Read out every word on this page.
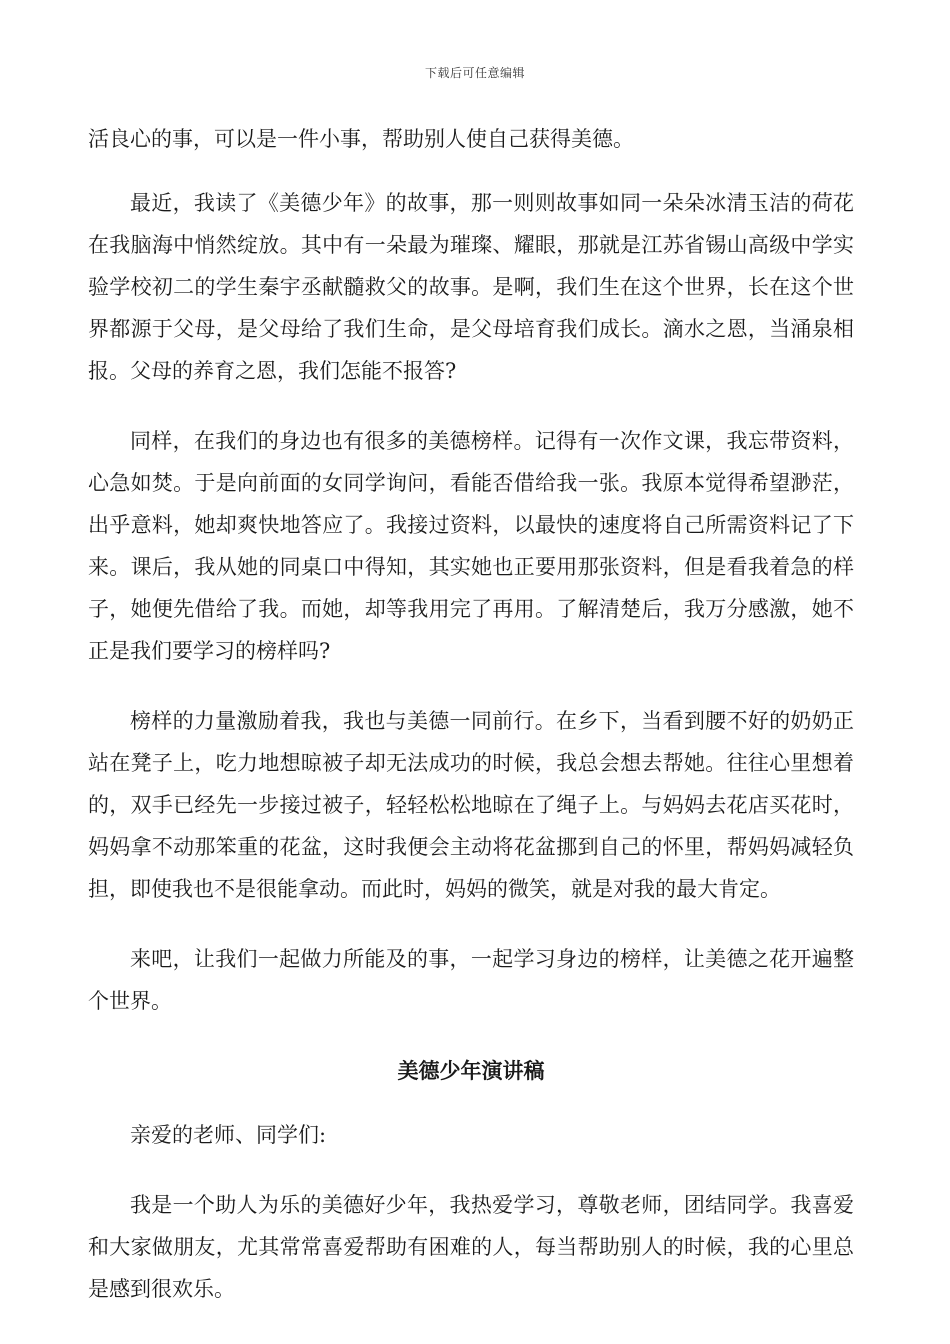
下载后可任意编辑

活良心的事，可以是一件小事，帮助别人使自己获得美德。

最近，我读了《美德少年》的故事，那一则则故事如同一朵朵冰清玉洁的荷花在我脑海中悄然绽放。其中有一朵最为璀璨、耀眼，那就是江苏省锡山高级中学实验学校初二的学生秦宇丞献髓救父的故事。是啊，我们生在这个世界，长在这个世界都源于父母，是父母给了我们生命，是父母培育我们成长。滴水之恩，当涌泉相报。父母的养育之恩，我们怎能不报答?

同样，在我们的身边也有很多的美德榜样。记得有一次作文课，我忘带资料，心急如焚。于是向前面的女同学询问，看能否借给我一张。我原本觉得希望渺茫，出乎意料，她却爽快地答应了。我接过资料，以最快的速度将自己所需资料记了下来。课后，我从她的同桌口中得知，其实她也正要用那张资料，但是看我着急的样子，她便先借给了我。而她，却等我用完了再用。了解清楚后，我万分感激，她不正是我们要学习的榜样吗?

榜样的力量激励着我，我也与美德一同前行。在乡下，当看到腰不好的奶奶正站在凳子上，吃力地想晾被子却无法成功的时候，我总会想去帮她。往往心里想着的，双手已经先一步接过被子，轻轻松松地晾在了绳子上。与妈妈去花店买花时，妈妈拿不动那笨重的花盆，这时我便会主动将花盆挪到自己的怀里，帮妈妈减轻负担，即使我也不是很能拿动。而此时，妈妈的微笑，就是对我的最大肯定。

来吧，让我们一起做力所能及的事，一起学习身边的榜样，让美德之花开遍整个世界。

美德少年演讲稿

亲爱的老师、同学们:

我是一个助人为乐的美德好少年，我热爱学习，尊敬老师，团结同学。我喜爱和大家做朋友，尤其常常喜爱帮助有困难的人，每当帮助别人的时候，我的心里总是感到很欢乐。
